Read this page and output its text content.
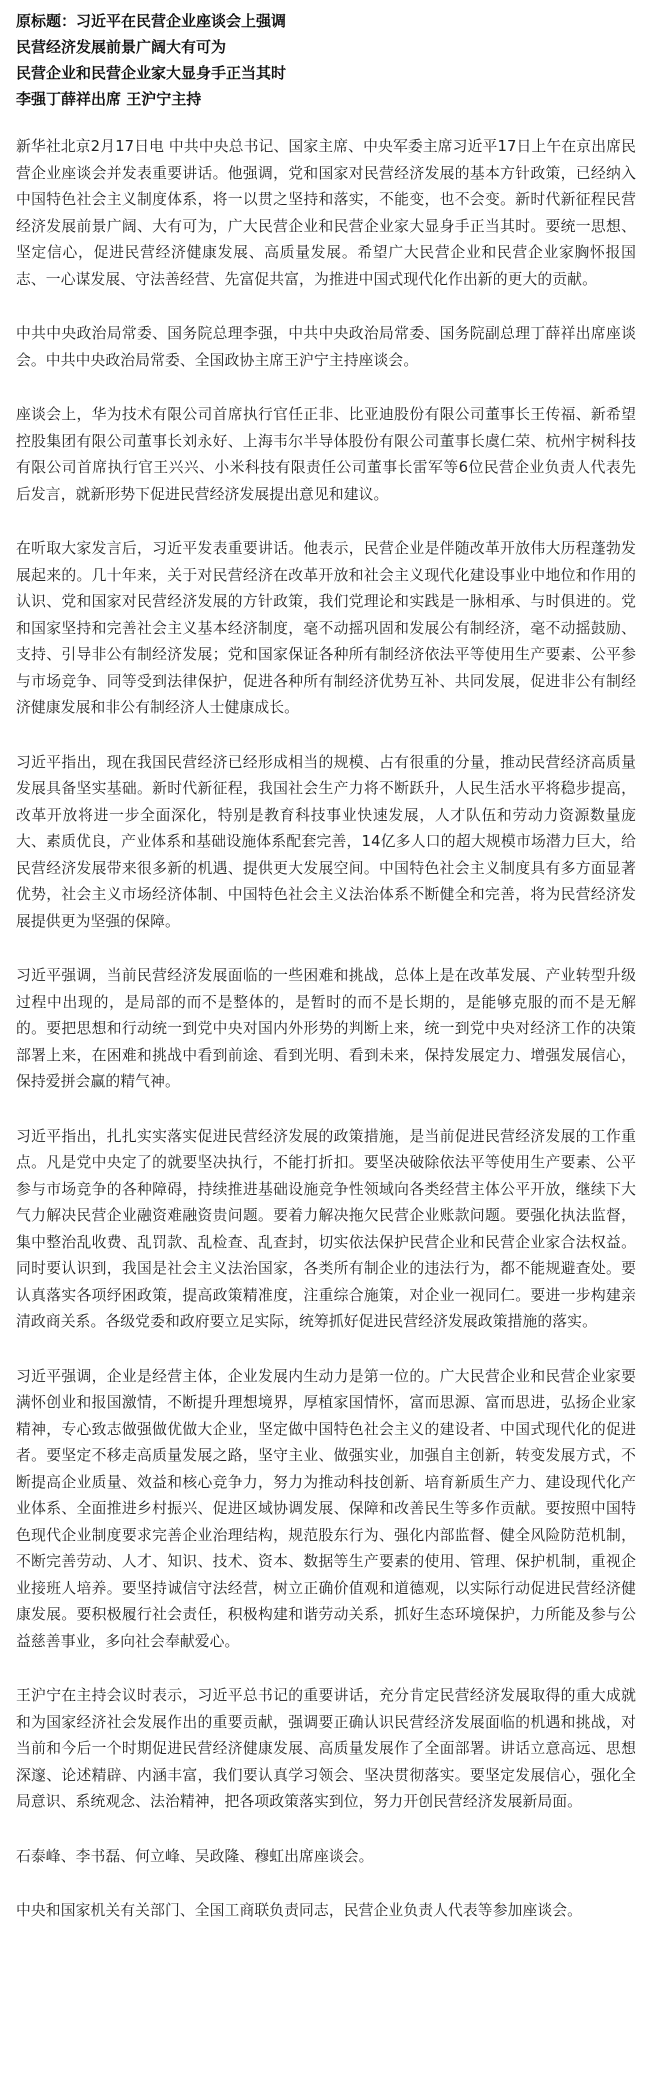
原标题：习近平在民营企业座谈会上强调
民营经济发展前景广阔大有可为
民营企业和民营企业家大显身手正当其时
李强丁薛祥出席 王沪宁主持

新华社北京2月17日电 中共中央总书记、国家主席、中央军委主席习近平17日上午在京出席民营企业座谈会并发表重要讲话。他强调，党和国家对民营经济发展的基本方针政策，已经纳入中国特色社会主义制度体系，将一以贯之坚持和落实，不能变，也不会变。新时代新征程民营经济发展前景广阔、大有可为，广大民营企业和民营企业家大显身手正当其时。要统一思想、坚定信心，促进民营经济健康发展、高质量发展。希望广大民营企业和民营企业家胸怀报国志、一心谋发展、守法善经营、先富促共富，为推进中国式现代化作出新的更大的贡献。

中共中央政治局常委、国务院总理李强，中共中央政治局常委、国务院副总理丁薛祥出席座谈会。中共中央政治局常委、全国政协主席王沪宁主持座谈会。

座谈会上，华为技术有限公司首席执行官任正非、比亚迪股份有限公司董事长王传福、新希望控股集团有限公司董事长刘永好、上海韦尔半导体股份有限公司董事长虞仁荣、杭州宇树科技有限公司首席执行官王兴兴、小米科技有限责任公司董事长雷军等6位民营企业负责人代表先后发言，就新形势下促进民营经济发展提出意见和建议。

在听取大家发言后，习近平发表重要讲话。他表示，民营企业是伴随改革开放伟大历程蓬勃发展起来的。几十年来，关于对民营经济在改革开放和社会主义现代化建设事业中地位和作用的认识、党和国家对民营经济发展的方针政策，我们党理论和实践是一脉相承、与时俱进的。党和国家坚持和完善社会主义基本经济制度，毫不动摇巩固和发展公有制经济，毫不动摇鼓励、支持、引导非公有制经济发展；党和国家保证各种所有制经济依法平等使用生产要素、公平参与市场竞争、同等受到法律保护，促进各种所有制经济优势互补、共同发展，促进非公有制经济健康发展和非公有制经济人士健康成长。

习近平指出，现在我国民营经济已经形成相当的规模、占有很重的分量，推动民营经济高质量发展具备坚实基础。新时代新征程，我国社会生产力将不断跃升，人民生活水平将稳步提高，改革开放将进一步全面深化，特别是教育科技事业快速发展，人才队伍和劳动力资源数量庞大、素质优良，产业体系和基础设施体系配套完善，14亿多人口的超大规模市场潜力巨大，给民营经济发展带来很多新的机遇、提供更大发展空间。中国特色社会主义制度具有多方面显著优势，社会主义市场经济体制、中国特色社会主义法治体系不断健全和完善，将为民营经济发展提供更为坚强的保障。

习近平强调，当前民营经济发展面临的一些困难和挑战，总体上是在改革发展、产业转型升级过程中出现的，是局部的而不是整体的，是暂时的而不是长期的，是能够克服的而不是无解的。要把思想和行动统一到党中央对国内外形势的判断上来，统一到党中央对经济工作的决策部署上来，在困难和挑战中看到前途、看到光明、看到未来，保持发展定力、增强发展信心，保持爱拼会赢的精气神。

习近平指出，扎扎实实落实促进民营经济发展的政策措施，是当前促进民营经济发展的工作重点。凡是党中央定了的就要坚决执行，不能打折扣。要坚决破除依法平等使用生产要素、公平参与市场竞争的各种障碍，持续推进基础设施竞争性领域向各类经营主体公平开放，继续下大气力解决民营企业融资难融资贵问题。要着力解决拖欠民营企业账款问题。要强化执法监督，集中整治乱收费、乱罚款、乱检查、乱查封，切实依法保护民营企业和民营企业家合法权益。同时要认识到，我国是社会主义法治国家，各类所有制企业的违法行为，都不能规避查处。要认真落实各项纾困政策，提高政策精准度，注重综合施策，对企业一视同仁。要进一步构建亲清政商关系。各级党委和政府要立足实际，统筹抓好促进民营经济发展政策措施的落实。

习近平强调，企业是经营主体，企业发展内生动力是第一位的。广大民营企业和民营企业家要满怀创业和报国激情，不断提升理想境界，厚植家国情怀，富而思源、富而思进，弘扬企业家精神，专心致志做强做优做大企业，坚定做中国特色社会主义的建设者、中国式现代化的促进者。要坚定不移走高质量发展之路，坚守主业、做强实业，加强自主创新，转变发展方式，不断提高企业质量、效益和核心竞争力，努力为推动科技创新、培育新质生产力、建设现代化产业体系、全面推进乡村振兴、促进区域协调发展、保障和改善民生等多作贡献。要按照中国特色现代企业制度要求完善企业治理结构，规范股东行为、强化内部监督、健全风险防范机制，不断完善劳动、人才、知识、技术、资本、数据等生产要素的使用、管理、保护机制，重视企业接班人培养。要坚持诚信守法经营，树立正确价值观和道德观，以实际行动促进民营经济健康发展。要积极履行社会责任，积极构建和谐劳动关系，抓好生态环境保护，力所能及参与公益慈善事业，多向社会奉献爱心。

王沪宁在主持会议时表示，习近平总书记的重要讲话，充分肯定民营经济发展取得的重大成就和为国家经济社会发展作出的重要贡献，强调要正确认识民营经济发展面临的机遇和挑战，对当前和今后一个时期促进民营经济健康发展、高质量发展作了全面部署。讲话立意高远、思想深邃、论述精辟、内涵丰富，我们要认真学习领会、坚决贯彻落实。要坚定发展信心，强化全局意识、系统观念、法治精神，把各项政策落实到位，努力开创民营经济发展新局面。

石泰峰、李书磊、何立峰、吴政隆、穆虹出席座谈会。

中央和国家机关有关部门、全国工商联负责同志，民营企业负责人代表等参加座谈会。
